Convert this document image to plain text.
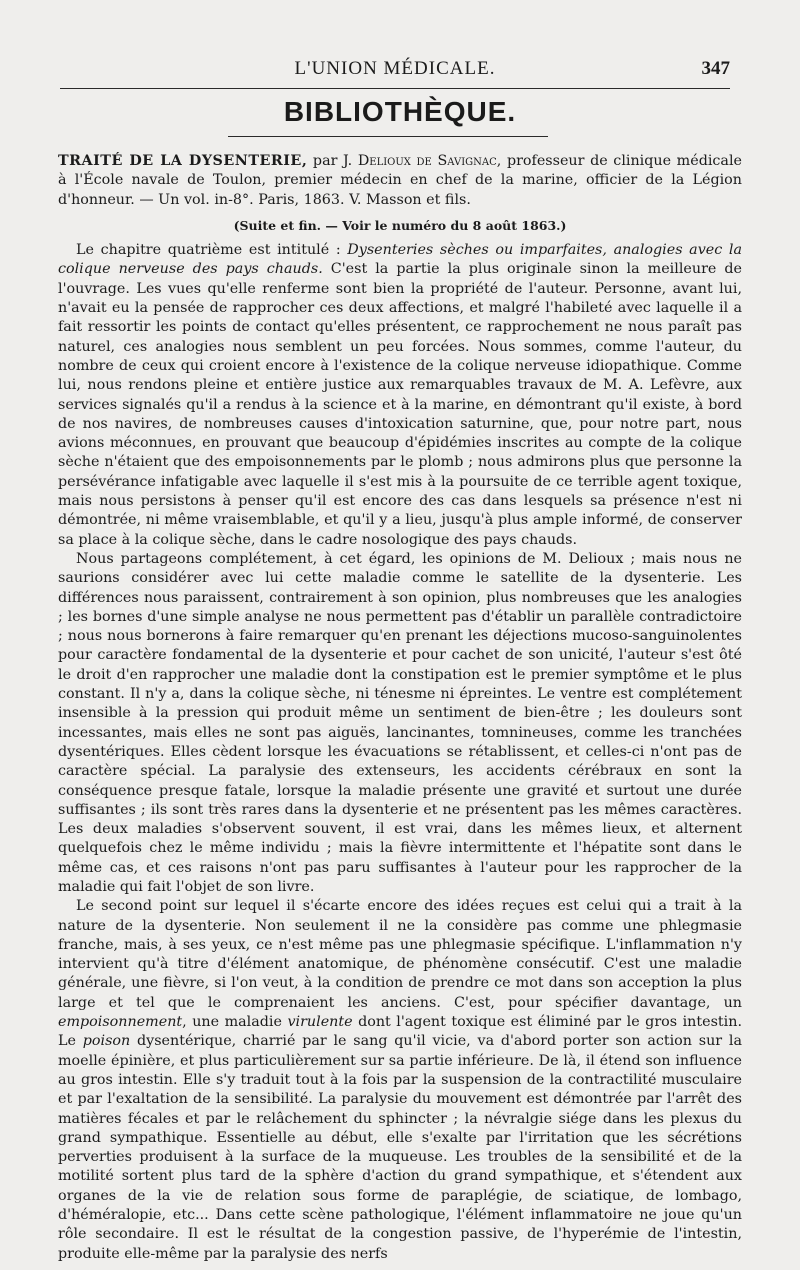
L'UNION MÉDICALE.	347
BIBLIOTHÈQUE.

TRAITÉ DE LA DYSENTERIE, par J. Delioux de Savignac, professeur de clinique médicale à l'École navale de Toulon, premier médecin en chef de la marine, officier de la Légion d'honneur. — Un vol. in-8°. Paris, 1863. V. Masson et fils.

(Suite et fin. — Voir le numéro du 8 août 1863.)

Le chapitre quatrième est intitulé : Dysenteries sèches ou imparfaites, analogies avec la colique nerveuse des pays chauds. C'est la partie la plus originale sinon la meilleure de l'ouvrage. Les vues qu'elle renferme sont bien la propriété de l'auteur. Personne, avant lui, n'avait eu la pensée de rapprocher ces deux affections, et malgré l'habileté avec laquelle il a fait ressortir les points de contact qu'elles présentent, ce rapprochement ne nous paraît pas naturel, ces analogies nous semblent un peu forcées. Nous sommes, comme l'auteur, du nombre de ceux qui croient encore à l'existence de la colique nerveuse idiopathique. Comme lui, nous rendons pleine et entière justice aux remarquables travaux de M. A. Lefèvre, aux services signalés qu'il a rendus à la science et à la marine, en démontrant qu'il existe, à bord de nos navires, de nombreuses causes d'intoxication saturnine, que, pour notre part, nous avions méconnues, en prouvant que beaucoup d'épidémies inscrites au compte de la colique sèche n'étaient que des empoisonnements par le plomb ; nous admirons plus que personne la persévérance infatigable avec laquelle il s'est mis à la poursuite de ce terrible agent toxique, mais nous persistons à penser qu'il est encore des cas dans lesquels sa présence n'est ni démontrée, ni même vraisemblable, et qu'il y a lieu, jusqu'à plus ample informé, de conserver sa place à la colique sèche, dans le cadre nosologique des pays chauds.

Nous partageons complétement, à cet égard, les opinions de M. Delioux ; mais nous ne saurions considérer avec lui cette maladie comme le satellite de la dysenterie. Les différences nous paraissent, contrairement à son opinion, plus nombreuses que les analogies ; les bornes d'une simple analyse ne nous permettent pas d'établir un parallèle contradictoire ; nous nous bornerons à faire remarquer qu'en prenant les déjections mucoso-sanguinolentes pour caractère fondamental de la dysenterie et pour cachet de son unicité, l'auteur s'est ôté le droit d'en rapprocher une maladie dont la constipation est le premier symptôme et le plus constant. Il n'y a, dans la colique sèche, ni ténesme ni épreintes. Le ventre est complétement insensible à la pression qui produit même un sentiment de bien-être ; les douleurs sont incessantes, mais elles ne sont pas aiguës, lancinantes, tomnineuses, comme les tranchées dysentériques. Elles cèdent lorsque les évacuations se rétablissent, et celles-ci n'ont pas de caractère spécial. La paralysie des extenseurs, les accidents cérébraux en sont la conséquence presque fatale, lorsque la maladie présente une gravité et surtout une durée suffisantes ; ils sont très rares dans la dysenterie et ne présentent pas les mêmes caractères. Les deux maladies s'observent souvent, il est vrai, dans les mêmes lieux, et alternent quelquefois chez le même individu ; mais la fièvre intermittente et l'hépatite sont dans le même cas, et ces raisons n'ont pas paru suffisantes à l'auteur pour les rapprocher de la maladie qui fait l'objet de son livre.

Le second point sur lequel il s'écarte encore des idées reçues est celui qui a trait à la nature de la dysenterie. Non seulement il ne la considère pas comme une phlegmasie franche, mais, à ses yeux, ce n'est même pas une phlegmasie spécifique. L'inflammation n'y intervient qu'à titre d'élément anatomique, de phénomène consécutif. C'est une maladie générale, une fièvre, si l'on veut, à la condition de prendre ce mot dans son acception la plus large et tel que le comprenaient les anciens. C'est, pour spécifier davantage, un empoisonnement, une maladie virulente dont l'agent toxique est éliminé par le gros intestin. Le poison dysentérique, charrié par le sang qu'il vicie, va d'abord porter son action sur la moelle épinière, et plus particulièrement sur sa partie inférieure. De là, il étend son influence au gros intestin. Elle s'y traduit tout à la fois par la suspension de la contractilité musculaire et par l'exaltation de la sensibilité. La paralysie du mouvement est démontrée par l'arrêt des matières fécales et par le relâchement du sphincter ; la névralgie siége dans les plexus du grand sympathique. Essentielle au début, elle s'exalte par l'irritation que les sécrétions perverties produisent à la surface de la muqueuse. Les troubles de la sensibilité et de la motilité sortent plus tard de la sphère d'action du grand sympathique, et s'étendent aux organes de la vie de relation sous forme de paraplégie, de sciatique, de lombago, d'héméralopie, etc... Dans cette scène pathologique, l'élément inflammatoire ne joue qu'un rôle secondaire. Il est le résultat de la congestion passive, de l'hyperémie de l'intestin, produite elle-même par la paralysie des nerfs
